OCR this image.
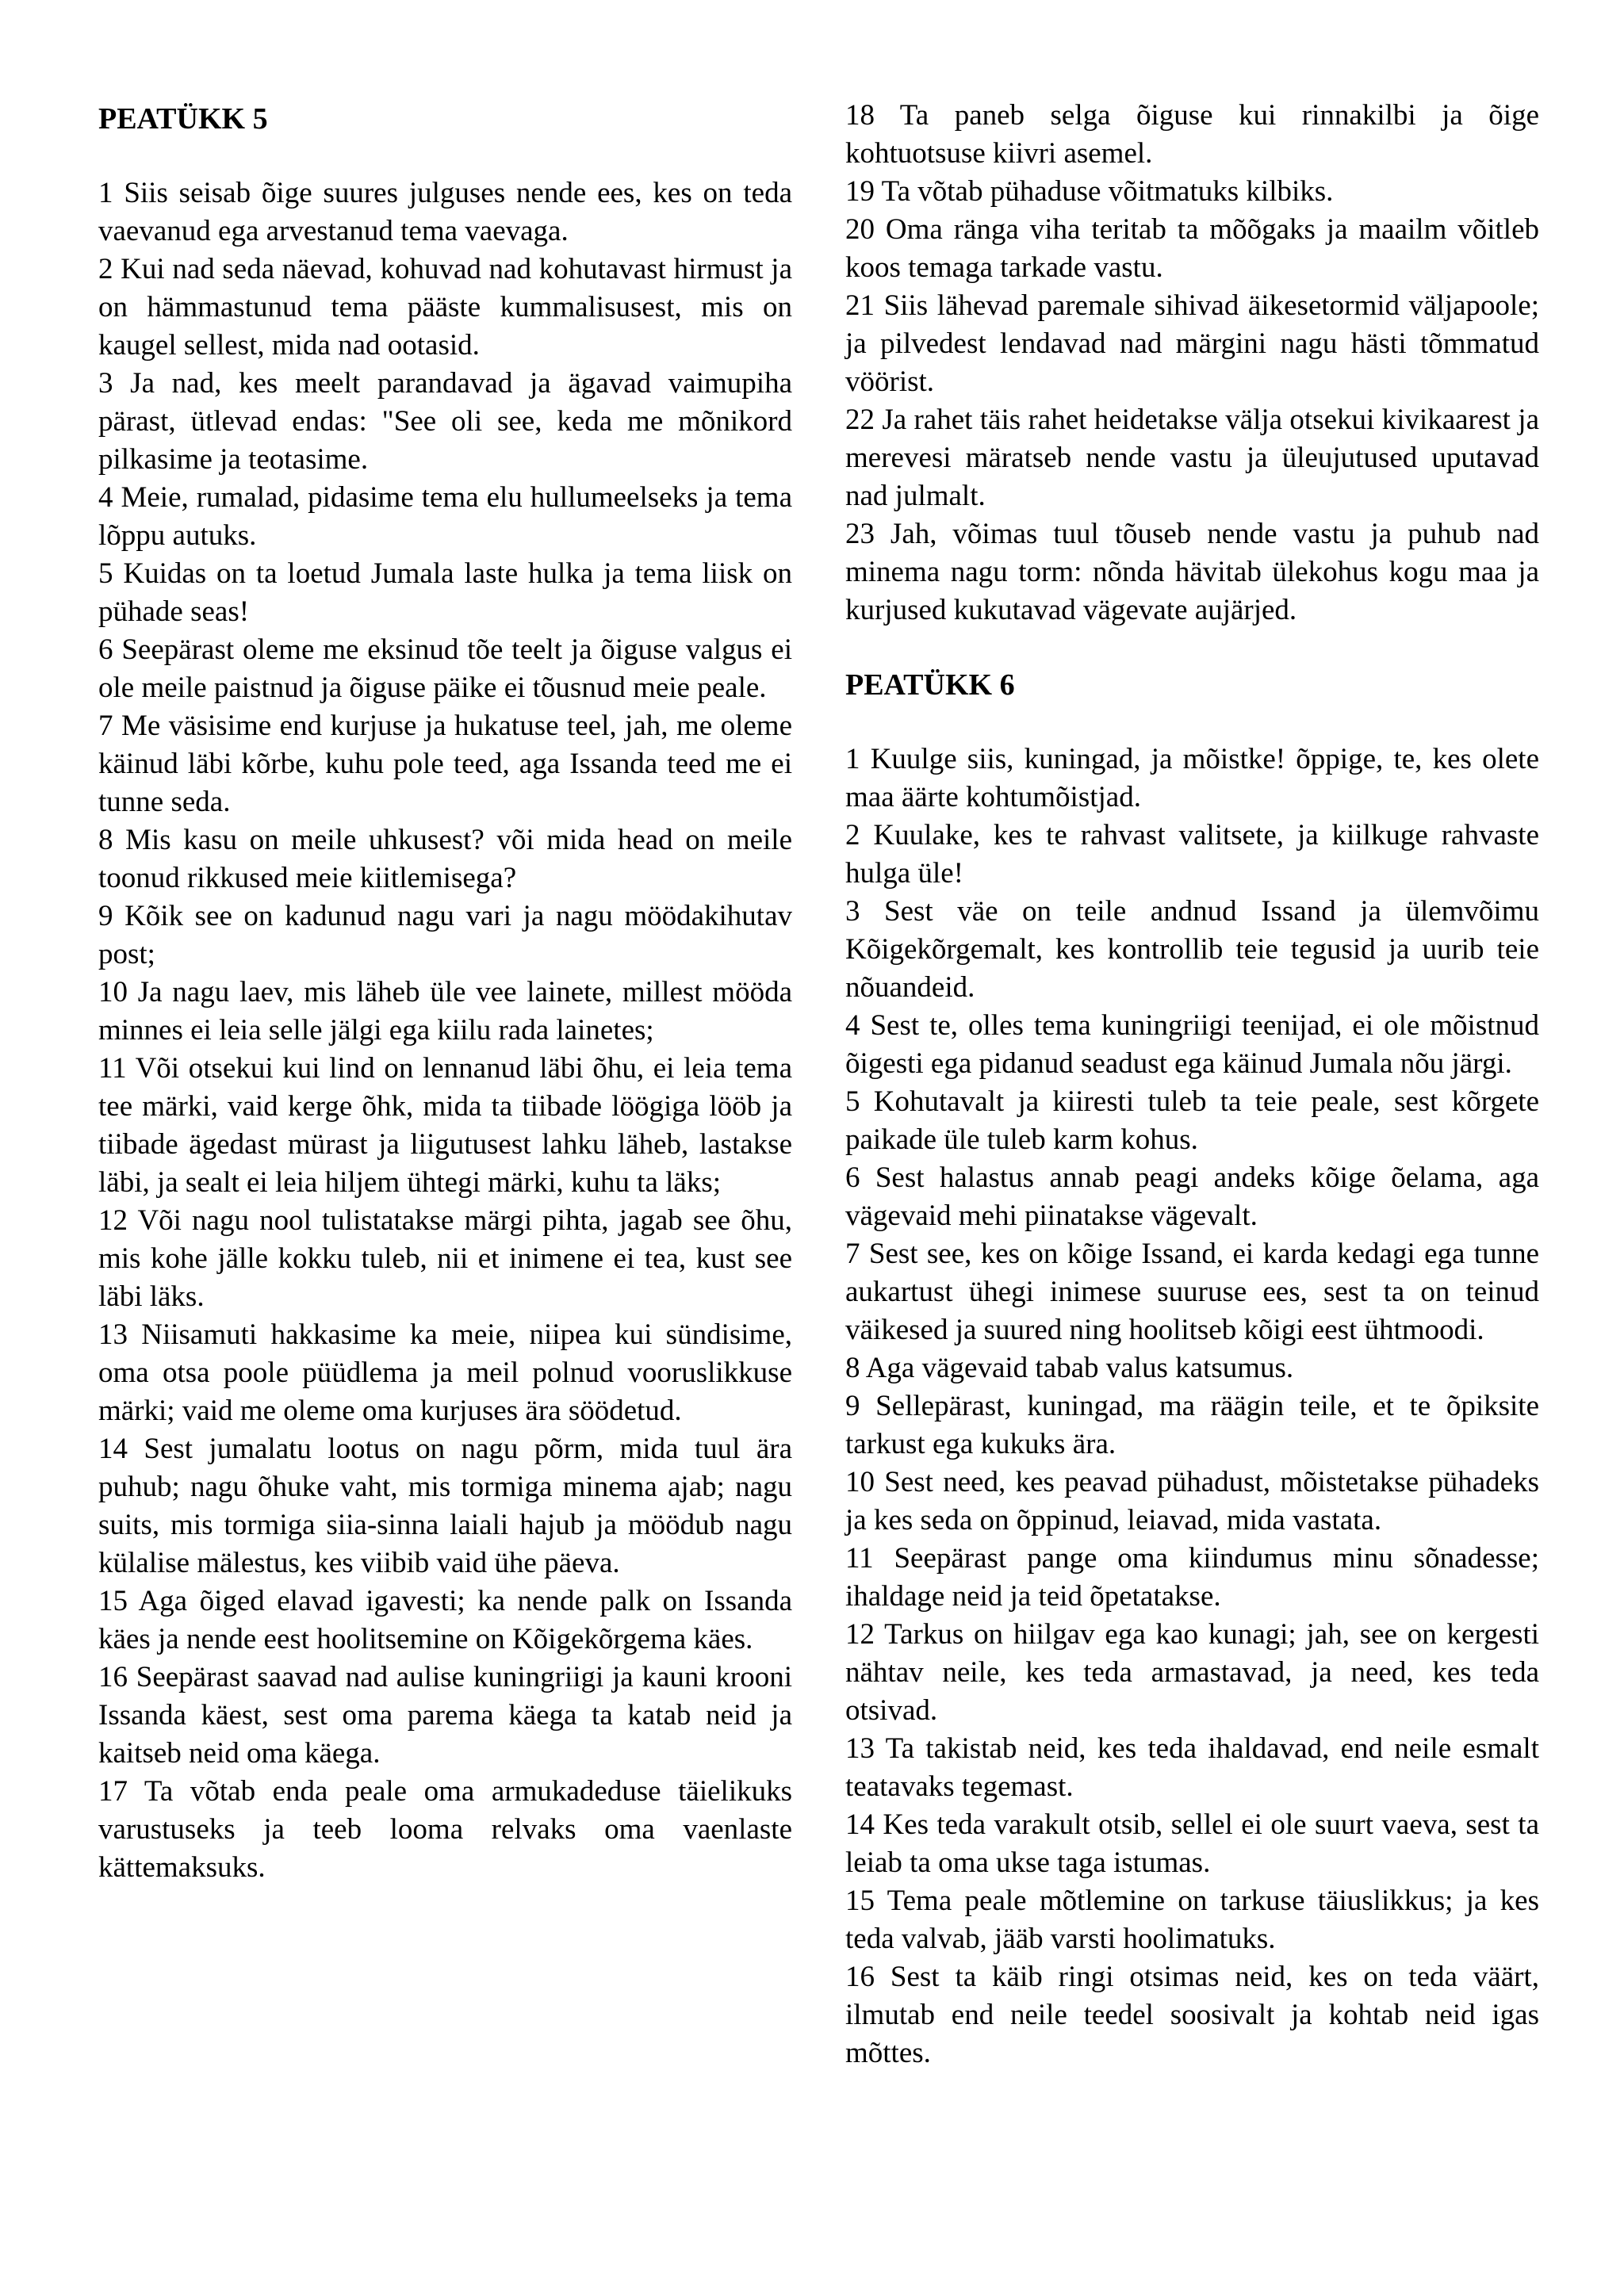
PEATÜKK 5

1 Siis seisab õige suures julguses nende ees, kes on teda vaevanud ega arvestanud tema vaevaga.

2 Kui nad seda näevad, kohuvad nad kohutavast hirmust ja on hämmastunud tema pääste kummalisusest, mis on kaugel sellest, mida nad ootasid.

3 Ja nad, kes meelt parandavad ja ägavad vaimupiha pärast, ütlevad endas: "See oli see, keda me mõnikord pilkasime ja teotasime.

4 Meie, rumalad, pidasime tema elu hullumeelseks ja tema lõppu autuks.

5 Kuidas on ta loetud Jumala laste hulka ja tema liisk on pühade seas!

6 Seepärast oleme me eksinud tõe teelt ja õiguse valgus ei ole meile paistnud ja õiguse päike ei tõusnud meie peale.

7 Me väsisime end kurjuse ja hukatuse teel, jah, me oleme käinud läbi kõrbe, kuhu pole teed, aga Issanda teed me ei tunne seda.

8 Mis kasu on meile uhkusest? või mida head on meile toonud rikkused meie kiitlemisega?

9 Kõik see on kadunud nagu vari ja nagu möödakihutav post;

10 Ja nagu laev, mis läheb üle vee lainete, millest mööda minnes ei leia selle jälgi ega kiilu rada lainetes;

11 Või otsekui kui lind on lennanud läbi õhu, ei leia tema tee märki, vaid kerge õhk, mida ta tiibade löögiga lööb ja tiibade ägedast mürast ja liigutusest lahku läheb, lastakse läbi, ja sealt ei leia hiljem ühtegi märki, kuhu ta läks;

12 Või nagu nool tulistatakse märgi pihta, jagab see õhu, mis kohe jälle kokku tuleb, nii et inimene ei tea, kust see läbi läks.

13 Niisamuti hakkasime ka meie, niipea kui sündisime, oma otsa poole püüdlema ja meil polnud vooruslikkuse märki; vaid me oleme oma kurjuses ära söödetud.

14 Sest jumalatu lootus on nagu põrm, mida tuul ära puhub; nagu õhuke vaht, mis tormiga minema ajab; nagu suits, mis tormiga siia-sinna laiali hajub ja möödub nagu külalise mälestus, kes viibib vaid ühe päeva.

15 Aga õiged elavad igavesti; ka nende palk on Issanda käes ja nende eest hoolitsemine on Kõigekõrgema käes.

16 Seepärast saavad nad aulise kuningriigi ja kauni krooni Issanda käest, sest oma parema käega ta katab neid ja kaitseb neid oma käega.

17 Ta võtab enda peale oma armukadeduse täielikuks varustuseks ja teeb looma relvaks oma vaenlaste kättemaksuks.

18 Ta paneb selga õiguse kui rinnakilbi ja õige kohtuotsuse kiivri asemel.

19 Ta võtab pühaduse võitmatuks kilbiks.

20 Oma ränga viha teritab ta mõõgaks ja maailm võitleb koos temaga tarkade vastu.

21 Siis lähevad paremale sihivad äikesetormid väljapoole; ja pilvedest lendavad nad märgini nagu hästi tõmmatud vöörist.

22 Ja rahet täis rahet heidetakse välja otsekui kivikaarest ja merevesi märatseb nende vastu ja üleujutused uputavad nad julmalt.

23 Jah, võimas tuul tõuseb nende vastu ja puhub nad minema nagu torm: nõnda hävitab ülekohus kogu maa ja kurjused kukutavad vägevate aujärjed.

PEATÜKK 6

1 Kuulge siis, kuningad, ja mõistke! õppige, te, kes olete maa äärte kohtumõistjad.

2 Kuulake, kes te rahvast valitsete, ja kiilkuge rahvaste hulga üle!

3 Sest väe on teile andnud Issand ja ülemvõimu Kõigekõrgemalt, kes kontrollib teie tegusid ja uurib teie nõuandeid.

4 Sest te, olles tema kuningriigi teenijad, ei ole mõistnud õigesti ega pidanud seadust ega käinud Jumala nõu järgi.

5 Kohutavalt ja kiiresti tuleb ta teie peale, sest kõrgete paikade üle tuleb karm kohus.

6 Sest halastus annab peagi andeks kõige õelama, aga vägevaid mehi piinatakse vägevalt.

7 Sest see, kes on kõige Issand, ei karda kedagi ega tunne aukartust ühegi inimese suuruse ees, sest ta on teinud väikesed ja suured ning hoolitseb kõigi eest ühtmoodi.

8 Aga vägevaid tabab valus katsumus.

9 Sellepärast, kuningad, ma räägin teile, et te õpiksite tarkust ega kukuks ära.

10 Sest need, kes peavad pühadust, mõistetakse pühadeks ja kes seda on õppinud, leiavad, mida vastata.

11 Seepärast pange oma kiindumus minu sõnadesse; ihaldage neid ja teid õpetatakse.

12 Tarkus on hiilgav ega kao kunagi; jah, see on kergesti nähtav neile, kes teda armastavad, ja need, kes teda otsivad.

13 Ta takistab neid, kes teda ihaldavad, end neile esmalt teatavaks tegemast.

14 Kes teda varakult otsib, sellel ei ole suurt vaeva, sest ta leiab ta oma ukse taga istumas.

15 Tema peale mõtlemine on tarkuse täiuslikkus; ja kes teda valvab, jääb varsti hoolimatuks.

16 Sest ta käib ringi otsimas neid, kes on teda väärt, ilmutab end neile teedel soosivalt ja kohtab neid igas mõttes.
